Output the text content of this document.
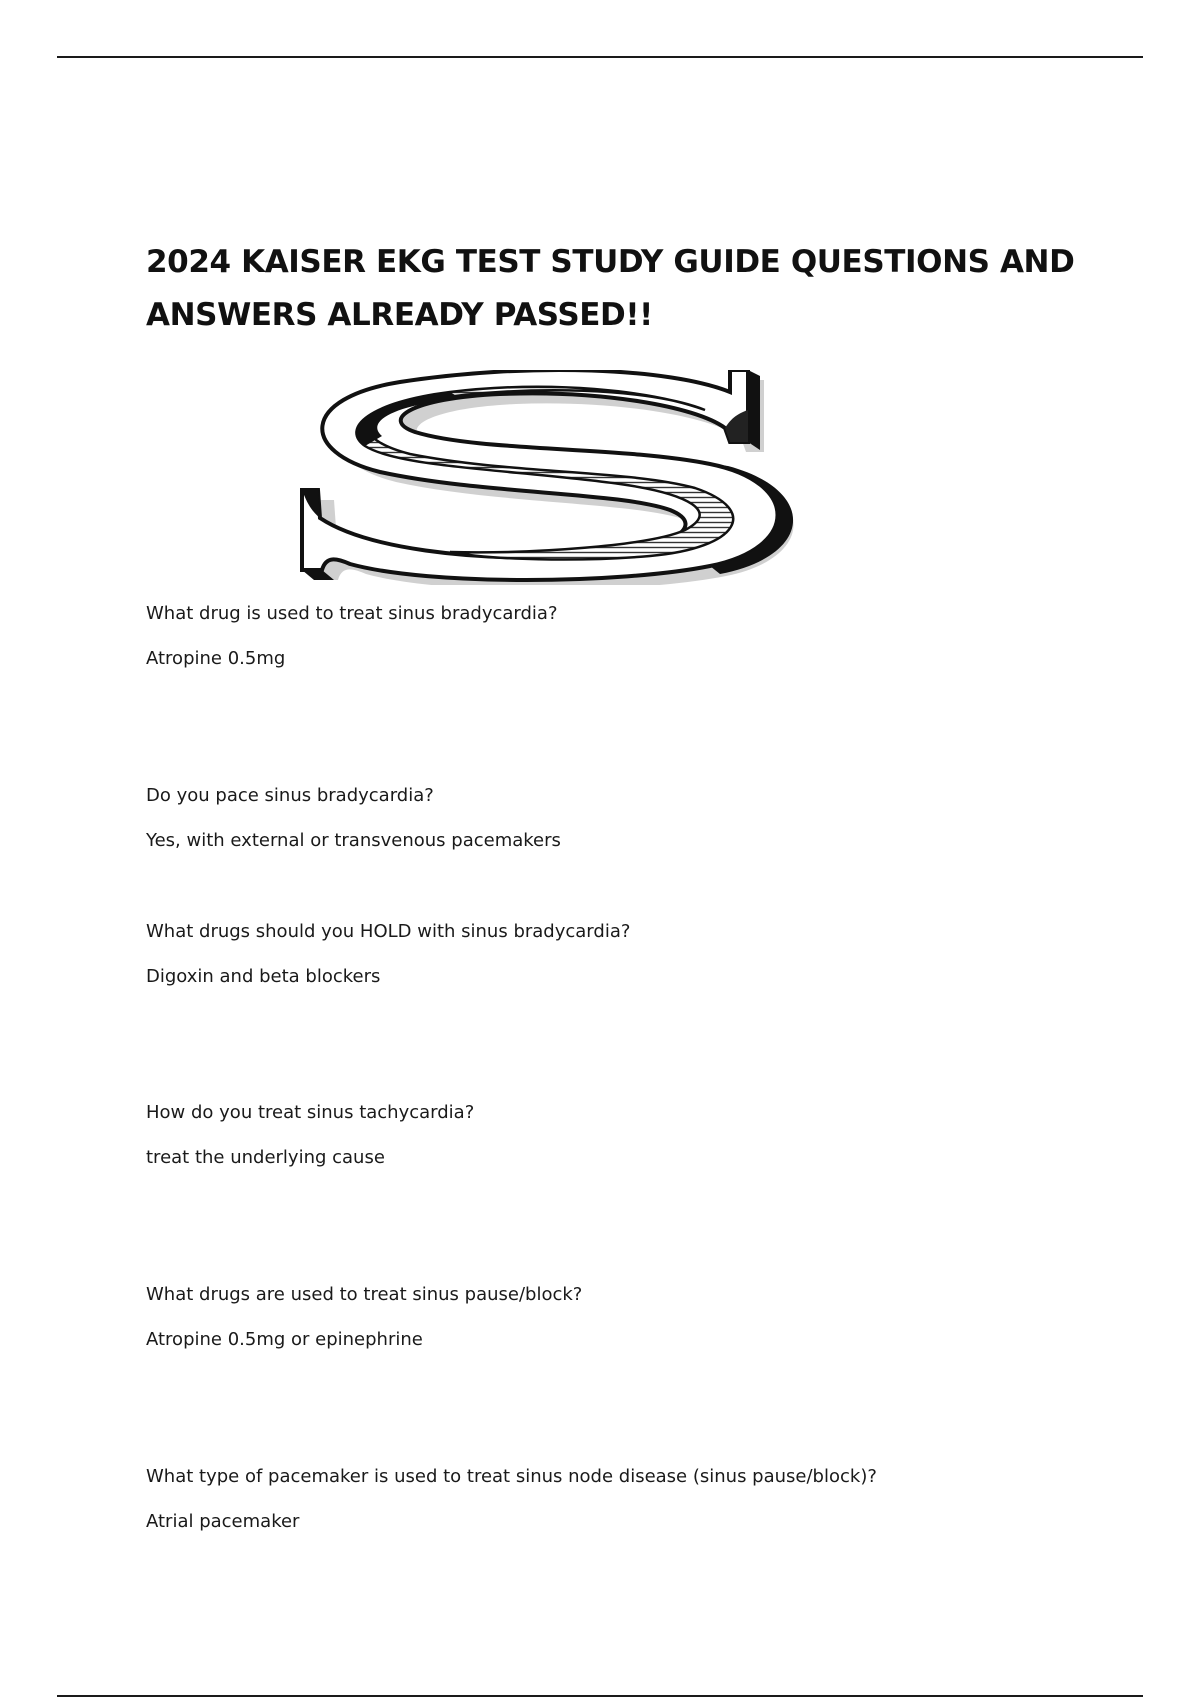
2024 KAISER EKG TEST STUDY GUIDE QUESTIONS AND ANSWERS ALREADY PASSED!!
What drug is used to treat sinus bradycardia?
Atropine 0.5mg
Do you pace sinus bradycardia?
Yes, with external or transvenous pacemakers
What drugs should you HOLD with sinus bradycardia?
Digoxin and beta blockers
How do you treat sinus tachycardia?
treat the underlying cause
What drugs are used to treat sinus pause/block?
Atropine 0.5mg or epinephrine
What type of pacemaker is used to treat sinus node disease (sinus pause/block)?
Atrial pacemaker
